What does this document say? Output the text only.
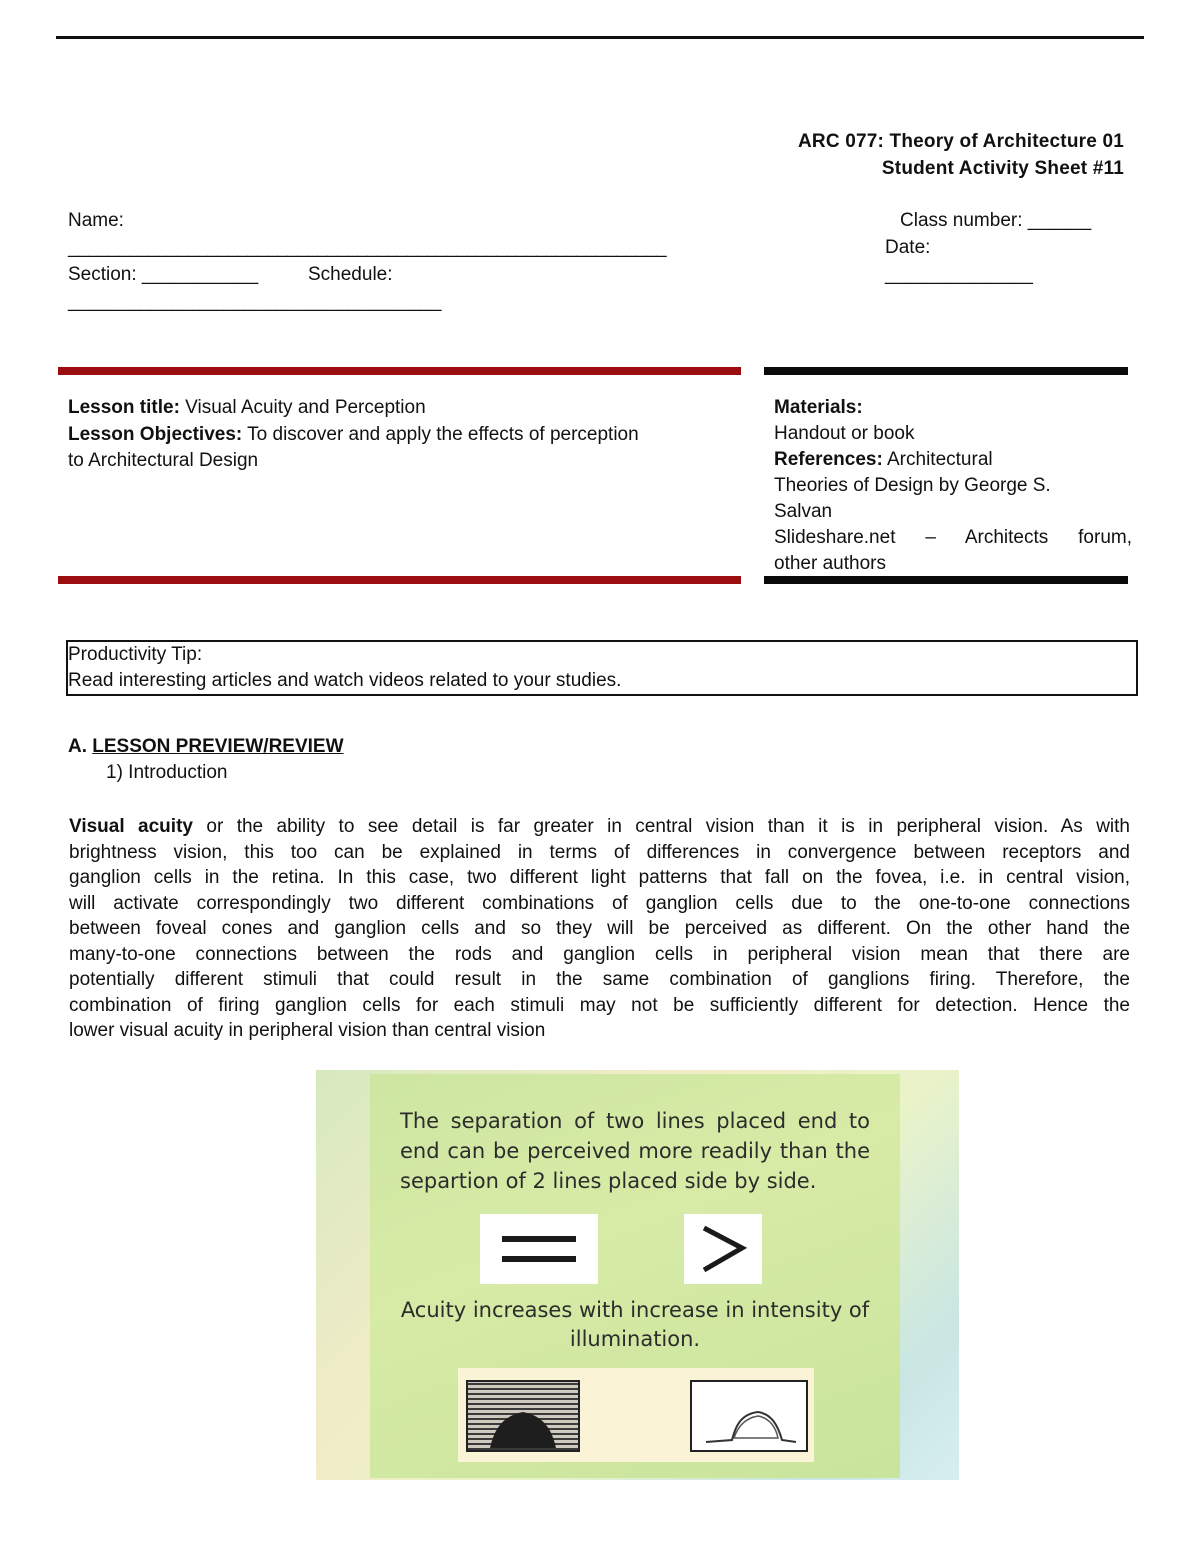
ARC 077: Theory of Architecture 01
Student Activity Sheet #11
Name:
____________________________________________________________
Section: ___________	Schedule:
____________________________________
Class number: ______
Date:
______________
Lesson title: Visual Acuity and Perception
Lesson Objectives: To discover and apply the effects of perception
to Architectural Design
Materials:
Handout or book
References: Architectural
Theories of Design by George S.
Salvan
Slideshare.net – Architects forum,
other authors
Productivity Tip:
Read interesting articles and watch videos related to your studies.
A. LESSON PREVIEW/REVIEW
1) Introduction
Visual acuity or the ability to see detail is far greater in central vision than it is in peripheral vision. As with
brightness vision, this too can be explained in terms of differences in convergence between receptors and
ganglion cells in the retina. In this case, two different light patterns that fall on the fovea, i.e. in central vision,
will activate correspondingly two different combinations of ganglion cells due to the one-to-one connections
between foveal cones and ganglion cells and so they will be perceived as different. On the other hand the
many-to-one connections between the rods and ganglion cells in peripheral vision mean that there are
potentially different stimuli that could result in the same combination of ganglions firing. Therefore, the
combination of firing ganglion cells for each stimuli may not be sufficiently different for detection. Hence the
lower visual acuity in peripheral vision than central vision
The separation of two lines placed end to end can be perceived more readily than the separtion of 2 lines placed side by side.
Acuity increases with increase in intensity of
illumination.
